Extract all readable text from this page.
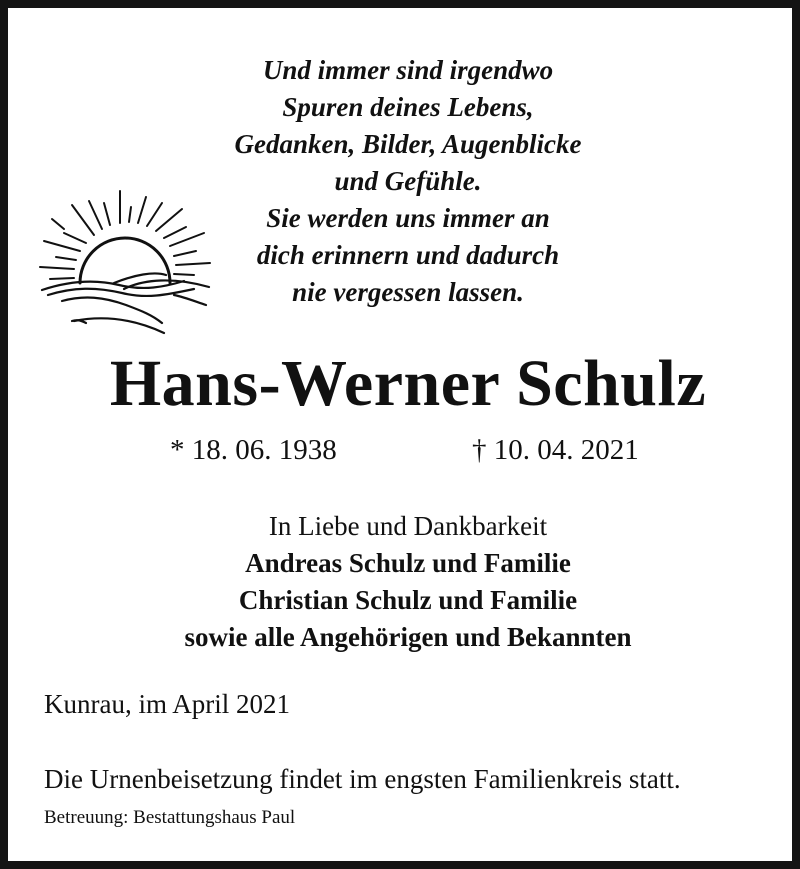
Und immer sind irgendwo
Spuren deines Lebens,
Gedanken, Bilder, Augenblicke
und Gefühle.
Sie werden uns immer an
dich erinnern und dadurch
nie vergessen lassen.
Hans-Werner Schulz
* 18. 06. 1938	† 10. 04. 2021
In Liebe und Dankbarkeit
Andreas Schulz und Familie
Christian Schulz und Familie
sowie alle Angehörigen und Bekannten
Kunrau, im April 2021
Die Urnenbeisetzung findet im engsten Familienkreis statt.
Betreuung: Bestattungshaus Paul
